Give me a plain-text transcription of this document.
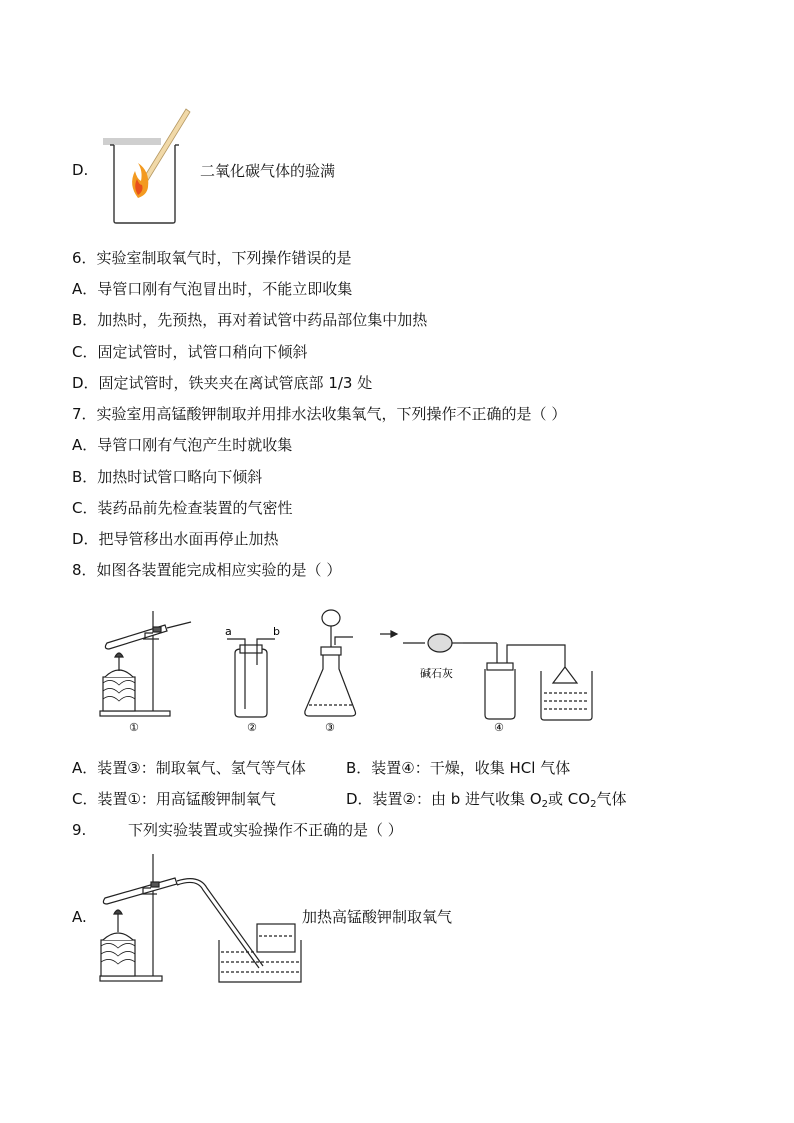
D.	二氧化碳气体的验满
6．实验室制取氧气时，下列操作错误的是
A．导管口刚有气泡冒出时，不能立即收集
B．加热时，先预热，再对着试管中药品部位集中加热
C．固定试管时，试管口稍向下倾斜
D．固定试管时，铁夹夹在离试管底部 1/3 处
7．实验室用高锰酸钾制取并用排水法收集氧气，下列操作不正确的是（ ）
A．导管口刚有气泡产生时就收集
B．加热时试管口略向下倾斜
C．装药品前先检查装置的气密性
D．把导管移出水面再停止加热
8．如图各装置能完成相应实验的是（ ）
①
a	b
②	③
碱石灰
④
A．装置③：制取氧气、氢气等气体	B．装置④：干燥，收集 HCl 气体
C．装置①：用高锰酸钾制氧气	D．装置②：由 b 进气收集 $O_2$或 $CO_2$气体
9.	下列实验装置或实验操作不正确的是（ ）
A.	加热高锰酸钾制取氧气
